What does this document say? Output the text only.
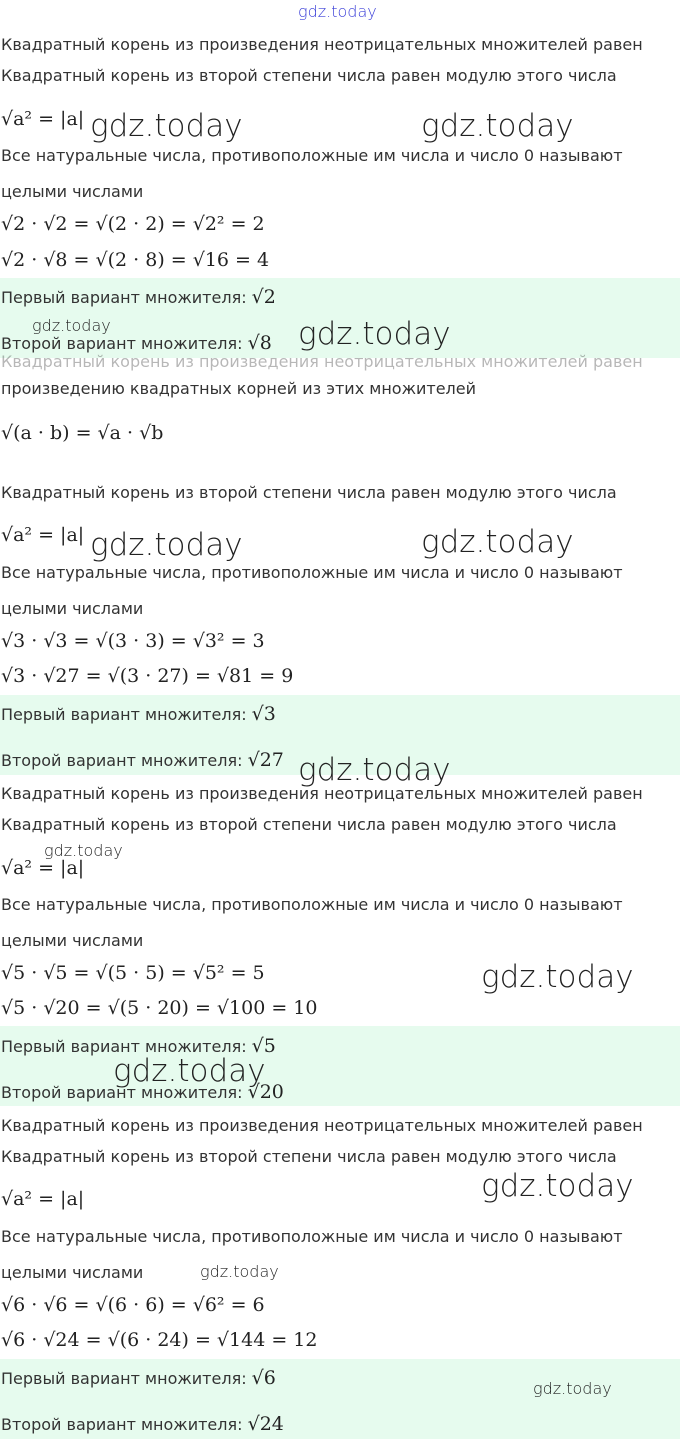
Квадратный корень из произведения неотрицательных множителей равен
Квадратный корень из второй степени числа равен модулю этого числа
√a² = |a|
Все натуральные числа, противоположные им числа и число 0 называют
целыми числами
√2 · √2 = √(2 · 2) = √2² = 2
√2 · √8 = √(2 · 8) = √16 = 4
Первый вариант множителя: √2
Второй вариант множителя: √8
Квадратный корень из произведения неотрицательных множителей равен
произведению квадратных корней из этих множителей
√(a · b) = √a · √b
Квадратный корень из второй степени числа равен модулю этого числа
√a² = |a|
Все натуральные числа, противоположные им числа и число 0 называют
целыми числами
√3 · √3 = √(3 · 3) = √3² = 3
√3 · √27 = √(3 · 27) = √81 = 9
Первый вариант множителя: √3
Второй вариант множителя: √27
Квадратный корень из произведения неотрицательных множителей равен
Квадратный корень из второй степени числа равен модулю этого числа
√a² = |a|
Все натуральные числа, противоположные им числа и число 0 называют
целыми числами
√5 · √5 = √(5 · 5) = √5² = 5
√5 · √20 = √(5 · 20) = √100 = 10
Первый вариант множителя: √5
Второй вариант множителя: √20
Квадратный корень из произведения неотрицательных множителей равен
Квадратный корень из второй степени числа равен модулю этого числа
√a² = |a|
Все натуральные числа, противоположные им числа и число 0 называют
целыми числами
√6 · √6 = √(6 · 6) = √6² = 6
√6 · √24 = √(6 · 24) = √144 = 12
Первый вариант множителя: √6
Второй вариант множителя: √24
gdz.today
gdz.today	gdz.today
gdz.today	gdz.today
gdz.today	gdz.today
gdz.today
gdz.today
gdz.today
gdz.today
gdz.today
gdz.today
gdz.today
